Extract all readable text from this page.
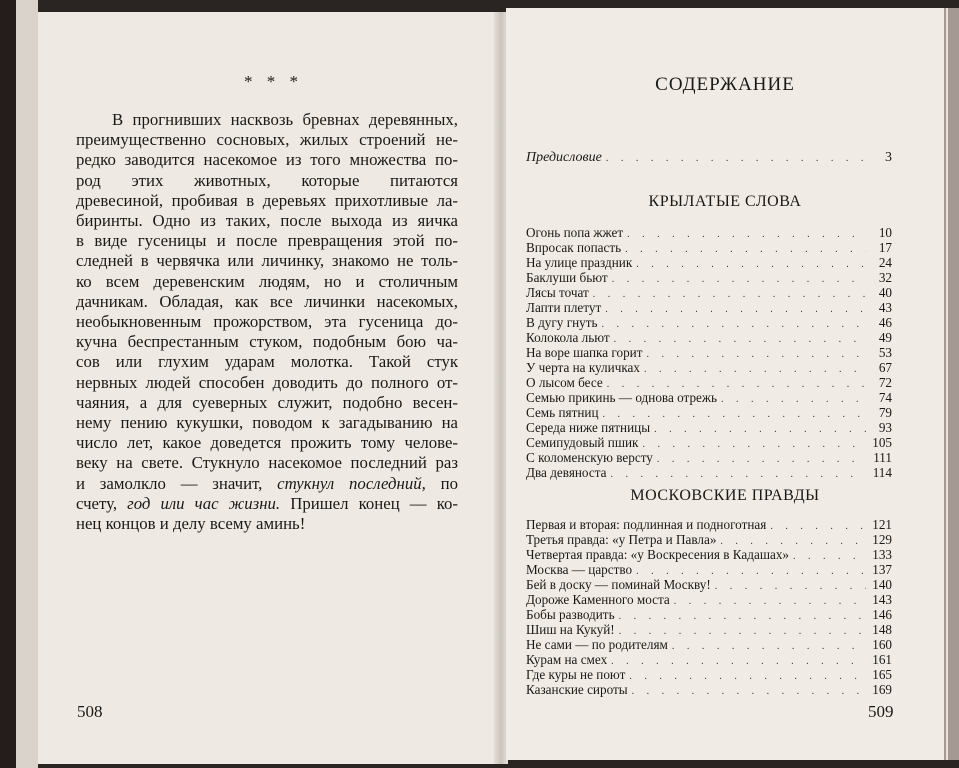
* * *
В прогнивших насквозь бревнах деревянных,
преимущественно сосновых, жилых строений не-
редко заводится насекомое из того множества по-
род этих животных, которые питаются
древесиной, пробивая в деревьях прихотливые ла-
биринты. Одно из таких, после выхода из яичка
в виде гусеницы и после превращения этой по-
следней в червячка или личинку, знакомо не толь-
ко всем деревенским людям, но и столичным
дачникам. Обладая, как все личинки насекомых,
необыкновенным прожорством, эта гусеница до-
кучна беспрестанным стуком, подобным бою ча-
сов или глухим ударам молотка. Такой стук
нервных людей способен доводить до полного от-
чаяния, а для суеверных служит, подобно весен-
нему пению кукушки, поводом к загадыванию на
число лет, какое доведется прожить тому челове-
веку на свете. Стукнуло насекомое последний раз
и замолкло — значит, стукнул последний, по
счету, год или час жизни. Пришел конец — ко-
нец концов и делу всему аминь!
508
СОДЕРЖАНИЕ
Предисловие . . .	3
КРЫЛАТЫЕ СЛОВА
Огонь попа жжет . . .	10
Впросак попасть . . .	17
На улице праздник . . .	24
Баклуши бьют . . .	32
Лясы точат . . .	40
Лапти плетут . . .	43
В дугу гнуть . . .	46
Колокола льют . . .	49
На воре шапка горит . . .	53
У черта на куличках . . .	67
О лысом бесе . . .	72
Семью прикинь — однова отрежь . . .	74
Семь пятниц . . .	79
Середа ниже пятницы . . .	93
Семипудовый пшик . . .	105
С коломенскую версту . . .	111
Два девяноста . . .	114
МОСКОВСКИЕ ПРАВДЫ
Первая и вторая: подлинная и подноготная . . .	121
Третья правда: «у Петра и Павла» . . .	129
Четвертая правда: «у Воскресения в Кадашах» . . .	133
Москва — царство . . .	137
Бей в доску — поминай Москву! . . .	140
Дороже Каменного моста . . .	143
Бобы разводить . . .	146
Шиш на Кукуй! . . .	148
Не сами — по родителям . . .	160
Курам на смех . . .	161
Где куры не поют . . .	165
Казанские сироты . . .	169
509
